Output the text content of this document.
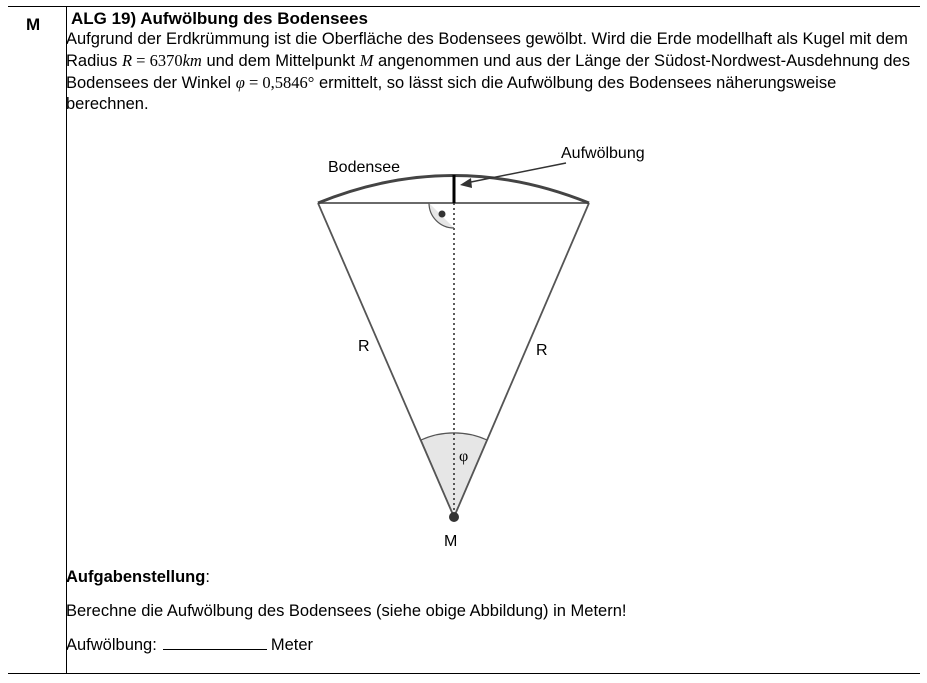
M ALG 19) Aufwölbung des Bodensees

Aufgrund der Erdkrümmung ist die Oberfläche des Bodensees gewölbt. Wird die Erde modellhaft als Kugel mit dem Radius R = 6370km und dem Mittelpunkt M angenommen und aus der Länge der Südost-Nordwest-Ausdehnung des Bodensees der Winkel φ = 0,5846° ermittelt, so lässt sich die Aufwölbung des Bodensees näherungsweise berechnen.

Bodensee
Aufwölbung
R	R
φ
M
Aufgabenstellung:
Berechne die Aufwölbung des Bodensees (siehe obige Abbildung) in Metern!
Aufwölbung:	Meter
